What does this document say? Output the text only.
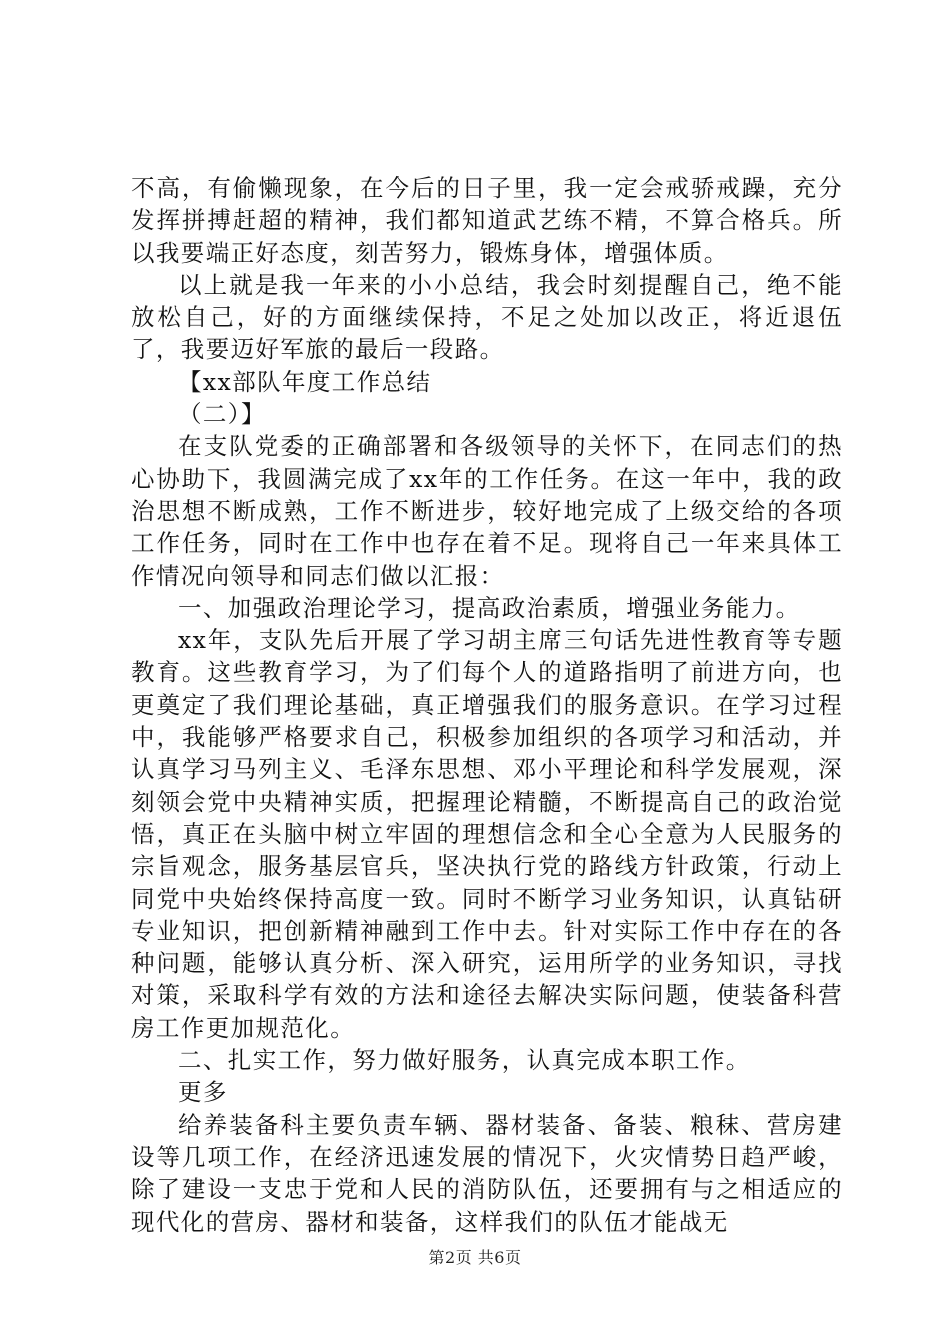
不高，有偷懒现象，在今后的日子里，我一定会戒骄戒躁，充分发挥拼搏赶超的精神，我们都知道武艺练不精，不算合格兵。所以我要端正好态度，刻苦努力，锻炼身体，增强体质。

以上就是我一年来的小小总结，我会时刻提醒自己，绝不能放松自己，好的方面继续保持，不足之处加以改正，将近退伍了，我要迈好军旅的最后一段路。

【xx部队年度工作总结

（二）】

在支队党委的正确部署和各级领导的关怀下，在同志们的热心协助下，我圆满完成了xx年的工作任务。在这一年中，我的政治思想不断成熟，工作不断进步，较好地完成了上级交给的各项工作任务，同时在工作中也存在着不足。现将自己一年来具体工作情况向领导和同志们做以汇报：

一、加强政治理论学习，提高政治素质，增强业务能力。

xx年，支队先后开展了学习胡主席三句话先进性教育等专题教育。这些教育学习，为了们每个人的道路指明了前进方向，也更奠定了我们理论基础，真正增强我们的服务意识。在学习过程中，我能够严格要求自己，积极参加组织的各项学习和活动，并认真学习马列主义、毛泽东思想、邓小平理论和科学发展观，深刻领会党中央精神实质，把握理论精髓，不断提高自己的政治觉悟，真正在头脑中树立牢固的理想信念和全心全意为人民服务的宗旨观念，服务基层官兵，坚决执行党的路线方针政策，行动上同党中央始终保持高度一致。同时不断学习业务知识，认真钻研专业知识，把创新精神融到工作中去。针对实际工作中存在的各种问题，能够认真分析、深入研究，运用所学的业务知识，寻找对策，采取科学有效的方法和途径去解决实际问题，使装备科营房工作更加规范化。

二、扎实工作，努力做好服务，认真完成本职工作。

更多

给养装备科主要负责车辆、器材装备、备装、粮秣、营房建设等几项工作，在经济迅速发展的情况下，火灾情势日趋严峻，除了建设一支忠于党和人民的消防队伍，还要拥有与之相适应的现代化的营房、器材和装备，这样我们的队伍才能战无

第2页 共6页
